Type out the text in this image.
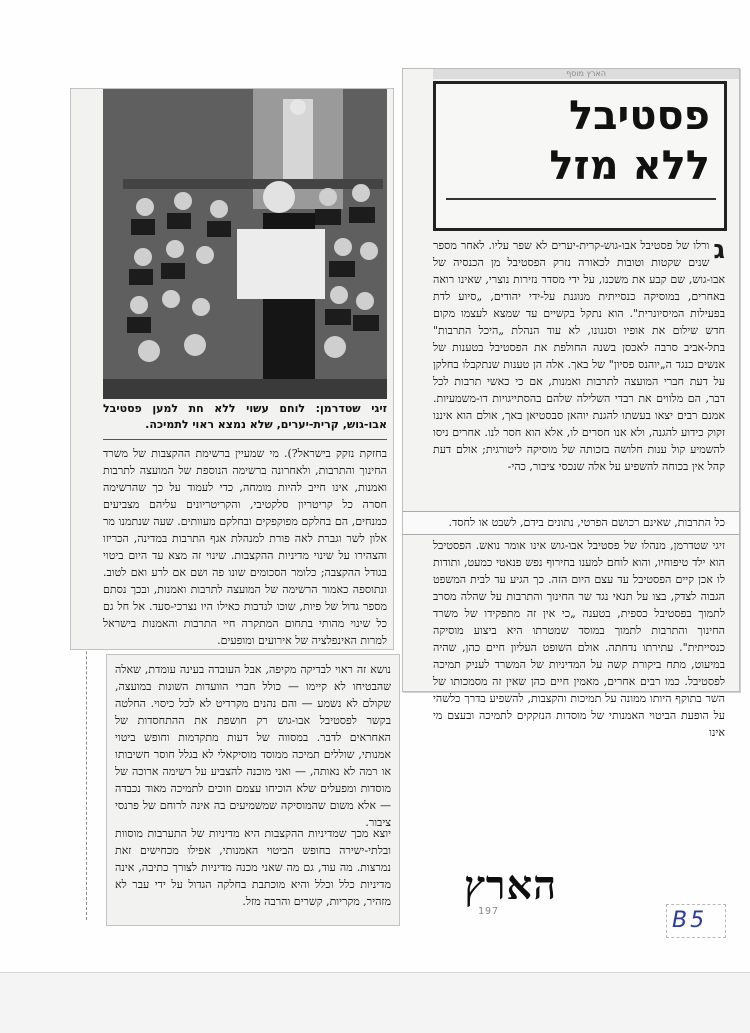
הארץ מוסף
פסטיבל
ללא מזל
ג
ורלו של פסטיבל אבו-גוש-קרית-יערים לא שפר עליו. לאחר מספר שנים שקטות וטובות לכאורה נזרק הפסטיבל מן הכנסיה של אבו-גוש, שם קבע את משכנו, על ידי מסדר נזירות נוצרי, שאינו רואה באחרים, במוסיקה כנסייתית מנוגנת על-ידי יהודים, „סיוע לדת בפעילות המיסיונרית". הוא נתקל בקשיים עד שמצא לעצמו מקום חדש שילום את אופיו וסגנונו, לא עוד הנהלת „היכל התרבות" בתל-אביב סרבה לאכסן בשנה החולפת את הפסטיבל בטענות של אנשים כנגד ה„יוהנס פסיון" של באך. אלה הן טענות שנתקבלו בחלקן על דעת חברי המועצה לתרבות ואמנות, אם כי כאשי תרבות לכל דבר, הם מלווים את רבדי השלילה שלהם בהסתייגויות דו-משמעיות. אמנם רבים יצאו בעשתו להגנת יוהאן סבסטיאן באך, אולם הוא איננו זקוק כידוע להגנה, ולא אנו חסרים לו, אלא הוא חסר לנו. אחרים ניסו להשמיע קול ענות חלושה בזכותה של מוסיקה ליטורגית; אולם דעת קהל אין בכוחה להשפיע על אלה שנכסי ציבור, כהי-
כל התרבות, שאינם רכושם הפרטי, נתונים בידם, לשבט או לחסד.
זיגי שטדרמן, מנהלו של פסטיבל אבו-גוש אינו אומר נואש. הפסטיבל הוא ילד טיפוחיו, והוא לוחם למענו בחירוף נפש פנאטי כמעט, ותודות לו אכן קיים הפסטיבל עד עצם היום הזה. כך הגיע עד לבית המשפט הגבוה לצדק, בצו על תנאי נגד שר החינוך והתרבות על שהלה מסרב לתמוך בפסטיבל כספית, בטענה „כי אין זה מתפקידו של משרד החינוך והתרבות לתמוך במוסד שמטרתו היא ביצוע מוסיקה כנסייתית". עתירתו נדחתה. אולם השופט העליון חיים כהן, שהיה במיעוט, מתח ביקורת קשה על המדיניות של המשרד לעניק תמיכה לפסטיבל. כמו רבים אחרים, מאמין חיים כהן שאין זה מסמכותו של השר בתוקף היותו ממונה על תמיכות והקצבות, להשפיע בדרך כלשהי על הופעת הביטוי האמנותי של מוסדות הנזקקים לתמיכה ובעצם מי אינו
זיגי שטדרמן: לוחם עשוי ללא חת למען פסטיבל אבו-גוש, קרית-יערים, שלא נמצא ראוי לתמיכה.
בחזקת נזקק בישראל?). מי שמעיין ברשימת ההקצבות של משרד החינוך והתרבות, ולאחרונה ברשימה הנוספת של המועצה לתרבות ואמנות, אינו חייב להיות מומחה, כדי לעמוד על כך שהרשימה חסרה כל קריטריון סלקטיבי, והקריטריונים עליהם מצביעים כמנחים, הם בחלקם מפוקפקים ובחלקם מעוותים. שעה שנתמנו מר אלון לשר וגברת לאה פורת למנהלת אגף התרבות במדינה, הכריזו והצהירו על שינוי מדיניות ההקצבות. שינוי זה מצא עד היום ביטוי בגודל ההקצבה; כלומר הסכומים שונו פה ושם אם לרע ואם לטוב. ונתוספה כאמור הרשימה של המועצה לתרבות ואמנות, ובכך נסתם מספר גדול של פיות, שוכו לנדבות כאילו היו נצרכי-סעד. אל חל גם כל שינוי מהותי בתחום המתקרה חיי התרבות והאמנות בישראל למרות האינפלציה של אירועים ומופעים.
נושא זה ראוי לבדיקה מקיפה, אבל העובדה בעינה עומדת, שאלה שהבטיחו לא קיימו — כולל חברי הוועדות השונות במועצה, שקולם לא נשמע — והם נהנים מקרדיט לא לכל כיסוי. החלטה בקשר לפסטיבל אבו-גוש רק חושפת את ההתחסדות של האחראים לדבר. במסווה של דעות מתקדמות וחופש ביטוי אמנותי, שוללים תמיכה ממוסד מוסיקאלי לא בגלל חוסר חשיבותו או רמה לא נאותה, — ואני מוכנה להצביע על רשימה ארוכה של מוסדות ומפעלים שלא הוכיחו עצמם וזוכים לתמיכה מאוד נכבדה — אלא משום שהמוסיקה שמשמיעים בה אינה לרוחם של פרנסי ציבור.
יוצא מכך שמדיניות ההקצבות היא מדיניות של התערבות מוסוות ובלתי-ישירה בחופש הביטוי האמנותי, אפילו מכחישים זאת נמרצות. מה עוד, גם מה שאני מכנה מדיניות לצורך כתיבה, אינה מדיניות כלל וכלל והיא מוכתבת בחלקה הגדול על ידי עבר לא מזהיר, מקריות, קשרים והרבה מזל. הארץ
197	B5
